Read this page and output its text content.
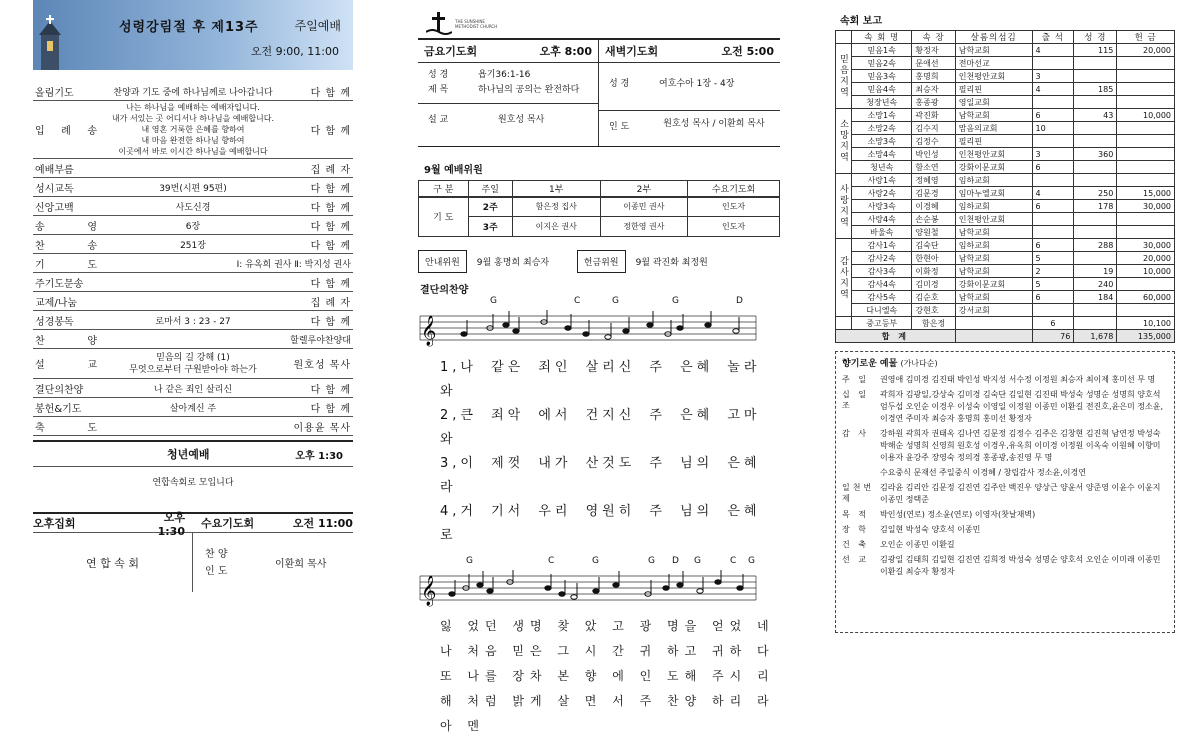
성령강림절 후 제13주	주일예배
오전 9:00, 11:00
올림기도	찬양과 기도 중에 하나님께로 나아갑니다	다 함 께
입 례 송
나는 하나님을 예배하는 예배자입니다.
내가 서있는 곳 어디서나 하나님을 예배합니다.
내 영혼 거룩한 은혜를 향하여
내 마음 완전한 하나님 향하여
이곳에서 바로 이시간 하나님을 예배합니다
다 함 께
예배부름	집 례 자
성시교독	39번(시편 95편)	다 함 께
신앙고백	사도신경	다 함 께
송 영	6장	다 함 께
찬 송	251장	다 함 께
기 도	Ⅰ: 유옥희 권사 Ⅱ: 박지성 권사
주기도문송	다 함 께
교제/나눔	집 례 자
성경봉독	로마서 3 : 23 - 27	다 함 께
찬 양	할렐루야찬양대
설 교
믿음의 길 강해 (1)
무엇으로부터 구원받아야 하는가	원호성 목사
결단의찬양	나 같은 죄인 살리신	다 함 께
봉헌&기도	살아계신 주	다 함 께
축 도	이용윤 목사
청년예배	오후 1:30
연합속회로 모입니다
오후집회	오후 1:30
수요기도회	오전 11:00
연 합 속 회
찬 양
인 도
이환희 목사
THE SUNSHINE METHODIST CHURCH
금요기도회	오후 8:00
성 경	욥기36:1-16
제 목	하나님의 공의는 완전하다
설 교	원호성 목사
새벽기도회	오전 5:00
성 경	여호수아 1장 - 4장
인 도	원호성 목사 / 이환희 목사
9월 예배위원
구 분	주일	1부	2부	수요기도회
기 도	2주	함은정 집사	이종민 권사	인도자
	3주	이지은 권사	정한영 권사	인도자
안내위원	9월 홍명희 최승자	헌금위원	9월 곽진화 최정원
결단의찬양
G	C	G	G	D
𝄞
1,나 같은 죄인 살리신 주 은혜 놀라 와
2,큰 죄악 에서 건지신 주 은혜 고마 와
3,이 제껏 내가 산것도 주 님의 은혜 라
4,거 기서 우리 영원히 주 님의 은혜 로
G	C	G	G D G	C G
𝄞
잃 었던 생명 찾 았 고 광 명을 얻었 네
나 처음 믿은 그 시 간 귀 하고 귀하 다
또 나를 장차 본 향 에 인 도해 주시 리
해 처럼 밝게 살 면 서 주 찬양 하리 라 아 멘
속회 보고
	속 회 명	속 장	살롬의섬김	출 석	성 경	헌 금
믿음지역	믿음1속	황정자	남학교회	4	115	20,000
	믿음2속	문애선	전마선교			
	믿음3속	홍명희	인천평안교회	3		
	믿음4속	최승자	필리핀	4	185	
	청장년속	홍종광	영일교회			
소망지역	소망1속	곽진화	남학교회	6	43	10,000
	소망2속	김수지	맘음의교회	10		
	소망3속	김정수	필리핀			
	소망4속	박인성	인천평안교회	3	360	
	청년속	함소연	강화이문교회	6		
사랑지역	사랑1속	정혜영	임하교회			
	사랑2속	김문경	임마누엘교회	4	250	15,000
	사랑3속	이경혜	임하교회	6	178	30,000
	사랑4속	손순봉	인천평안교회			
	바울속	양원철	남학교회			
감사지역	감사1속	김숙단	임하교회	6	288	30,000
	감사2속	한현아	남학교회	5		20,000
	감사3속	이화정	남학교회	2	19	10,000
	감사4속	김미경	강화이문교회	5	240	
	감사5속	김순호	남학교회	6	184	60,000
	다니엘속	강현호	강서교회			
	중고등부	함은정		6		10,100
합 계				76	1,678	135,000
향기로운 예물 (가나다순)
주 일	권영애 김미경 김진태 박인성 박지성 서수정 이정원 최승자 최이제 홍미선 무 명
십 일 조
곽희자 김광일,강상숙 김미경 김숙단 김일현 김진태 박성숙 성명순 성명희 양호석 엄두섭 오인순 이경우 이성숙 이영일 이정원 이종민 이환길 전진호,윤은미 정소윤,이경연 주미자 최승자 홍명희 홍미선 황정자
감 사	강하원 곽희자 권태옥 김나연 김문정 김정수 김주은 김창현 김진혁 남연정 박성숙 박해순 성명희 신영희 원호성 이경우,유옥희 이미경 이정원 이옥숙 이원혜 이향미 이용자 윤강주 장영숙 정의경 홍종광,송진영 무 명
수요중식 문재선 주일중식 이경혜 / 창립감사 정소윤,이경연
일천번제
김라윤 김리안 김문정 김진연 김주안 백진우 양상근 양윤서 양준영 이윤수 이윤지 이종민 정택준
목 적	박인성(연로) 정소윤(연로) 이영자(찻날재벽)
장 학	김일현 박성숙 양호석 이종민
건 축	오인순 이종민 이환길
선 교	김광일 김태희 김일현 김진연 김희정 박성숙 성명순 양호석 오인순 이미래 이종민 이환길 최승자 황정자
